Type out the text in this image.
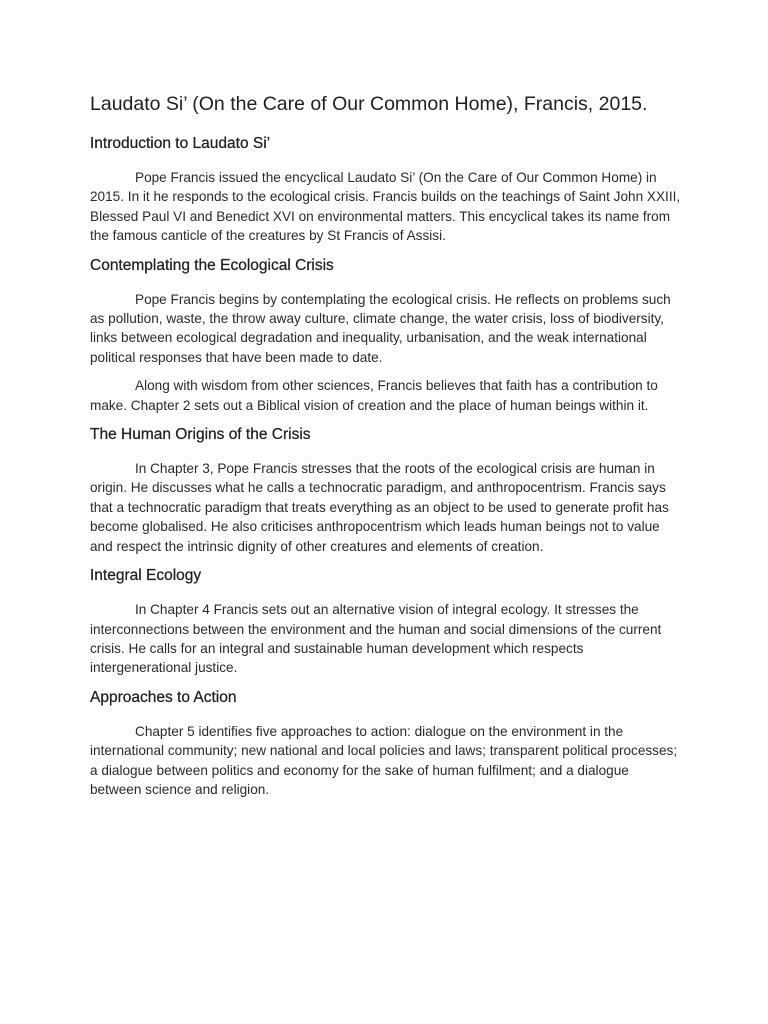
Laudato Si’ (On the Care of Our Common Home), Francis, 2015.
Introduction to Laudato Si’

Pope Francis issued the encyclical Laudato Si’ (On the Care of Our Common Home) in 2015. In it he responds to the ecological crisis. Francis builds on the teachings of Saint John XXIII, Blessed Paul VI and Benedict XVI on environmental matters. This encyclical takes its name from the famous canticle of the creatures by St Francis of Assisi.

Contemplating the Ecological Crisis

Pope Francis begins by contemplating the ecological crisis. He reflects on problems such as pollution, waste, the throw away culture, climate change, the water crisis, loss of biodiversity, links between ecological degradation and inequality, urbanisation, and the weak international political responses that have been made to date.

Along with wisdom from other sciences, Francis believes that faith has a contribution to make. Chapter 2 sets out a Biblical vision of creation and the place of human beings within it.

The Human Origins of the Crisis

In Chapter 3, Pope Francis stresses that the roots of the ecological crisis are human in origin. He discusses what he calls a technocratic paradigm, and anthropocentrism. Francis says that a technocratic paradigm that treats everything as an object to be used to generate profit has become globalised. He also criticises anthropocentrism which leads human beings not to value and respect the intrinsic dignity of other creatures and elements of creation.

Integral Ecology

In Chapter 4 Francis sets out an alternative vision of integral ecology. It stresses the interconnections between the environment and the human and social dimensions of the current crisis. He calls for an integral and sustainable human development which respects intergenerational justice.

Approaches to Action

Chapter 5 identifies five approaches to action: dialogue on the environment in the international community; new national and local policies and laws; transparent political processes; a dialogue between politics and economy for the sake of human fulfilment; and a dialogue between science and religion.
